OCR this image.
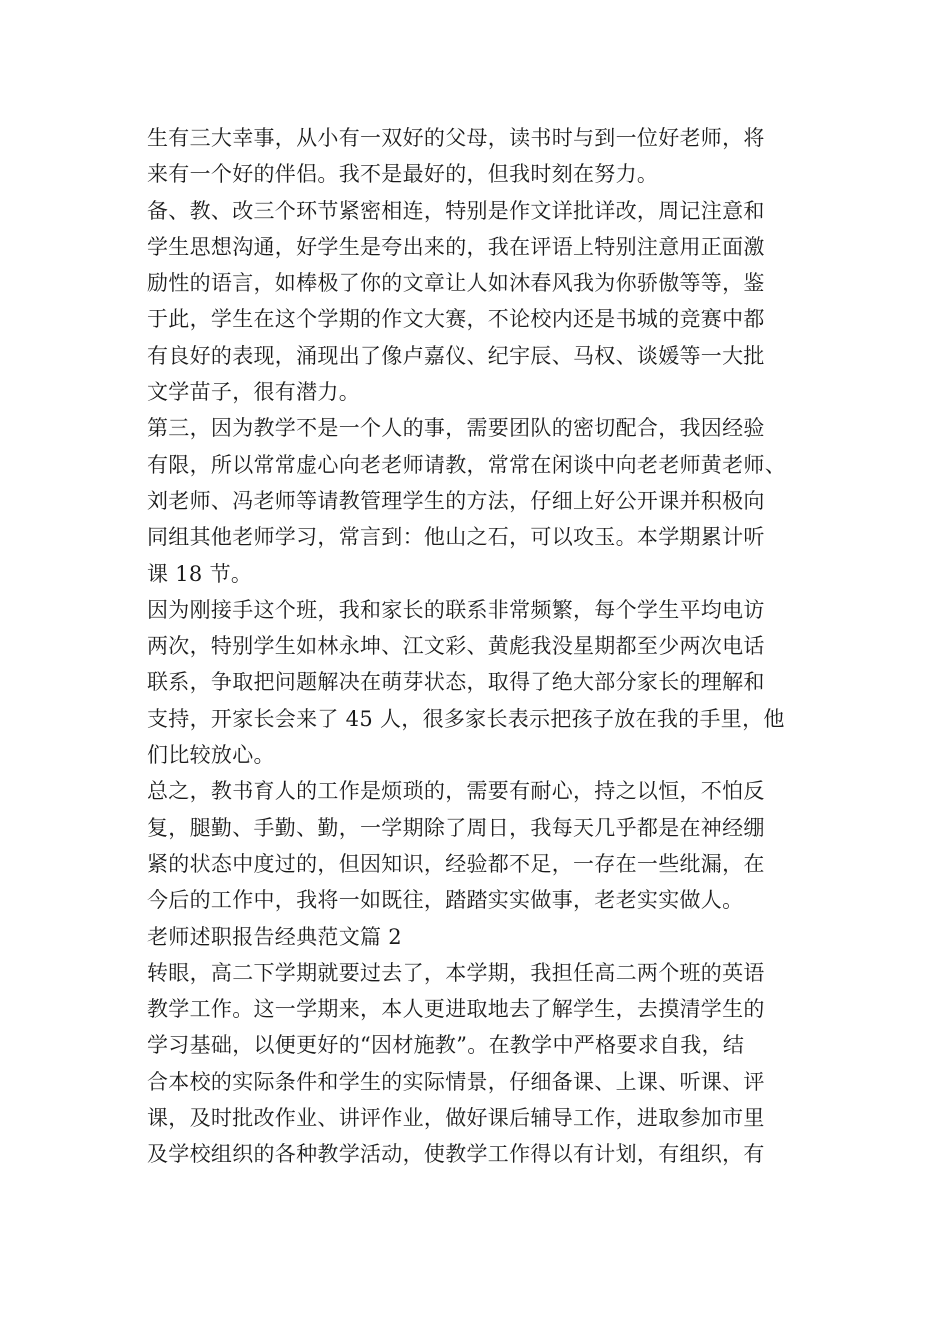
生有三大幸事，从小有一双好的父母，读书时与到一位好老师，将
来有一个好的伴侣。我不是最好的，但我时刻在努力。
备、教、改三个环节紧密相连，特别是作文详批详改，周记注意和
学生思想沟通，好学生是夸出来的，我在评语上特别注意用正面激
励性的语言，如棒极了你的文章让人如沐春风我为你骄傲等等，鉴
于此，学生在这个学期的作文大赛，不论校内还是书城的竞赛中都
有良好的表现，涌现出了像卢嘉仪、纪宇辰、马权、谈媛等一大批
文学苗子，很有潜力。
第三，因为教学不是一个人的事，需要团队的密切配合，我因经验
有限，所以常常虚心向老老师请教，常常在闲谈中向老老师黄老师、
刘老师、冯老师等请教管理学生的方法，仔细上好公开课并积极向
同组其他老师学习，常言到：他山之石，可以攻玉。本学期累计听
课 18 节。
因为刚接手这个班，我和家长的联系非常频繁，每个学生平均电访
两次，特别学生如林永坤、江文彩、黄彪我没星期都至少两次电话
联系，争取把问题解决在萌芽状态，取得了绝大部分家长的理解和
支持，开家长会来了 45 人，很多家长表示把孩子放在我的手里，他
们比较放心。
总之，教书育人的工作是烦琐的，需要有耐心，持之以恒，不怕反
复，腿勤、手勤、勤，一学期除了周日，我每天几乎都是在神经绷
紧的状态中度过的，但因知识，经验都不足，一存在一些纰漏，在
今后的工作中，我将一如既往，踏踏实实做事，老老实实做人。
老师述职报告经典范文篇 2
转眼，高二下学期就要过去了，本学期，我担任高二两个班的英语
教学工作。这一学期来，本人更进取地去了解学生，去摸清学生的
学习基础，以便更好的“因材施教”。在教学中严格要求自我，结
合本校的实际条件和学生的实际情景，仔细备课、上课、听课、评
课，及时批改作业、讲评作业，做好课后辅导工作，进取参加市里
及学校组织的各种教学活动，使教学工作得以有计划，有组织，有
